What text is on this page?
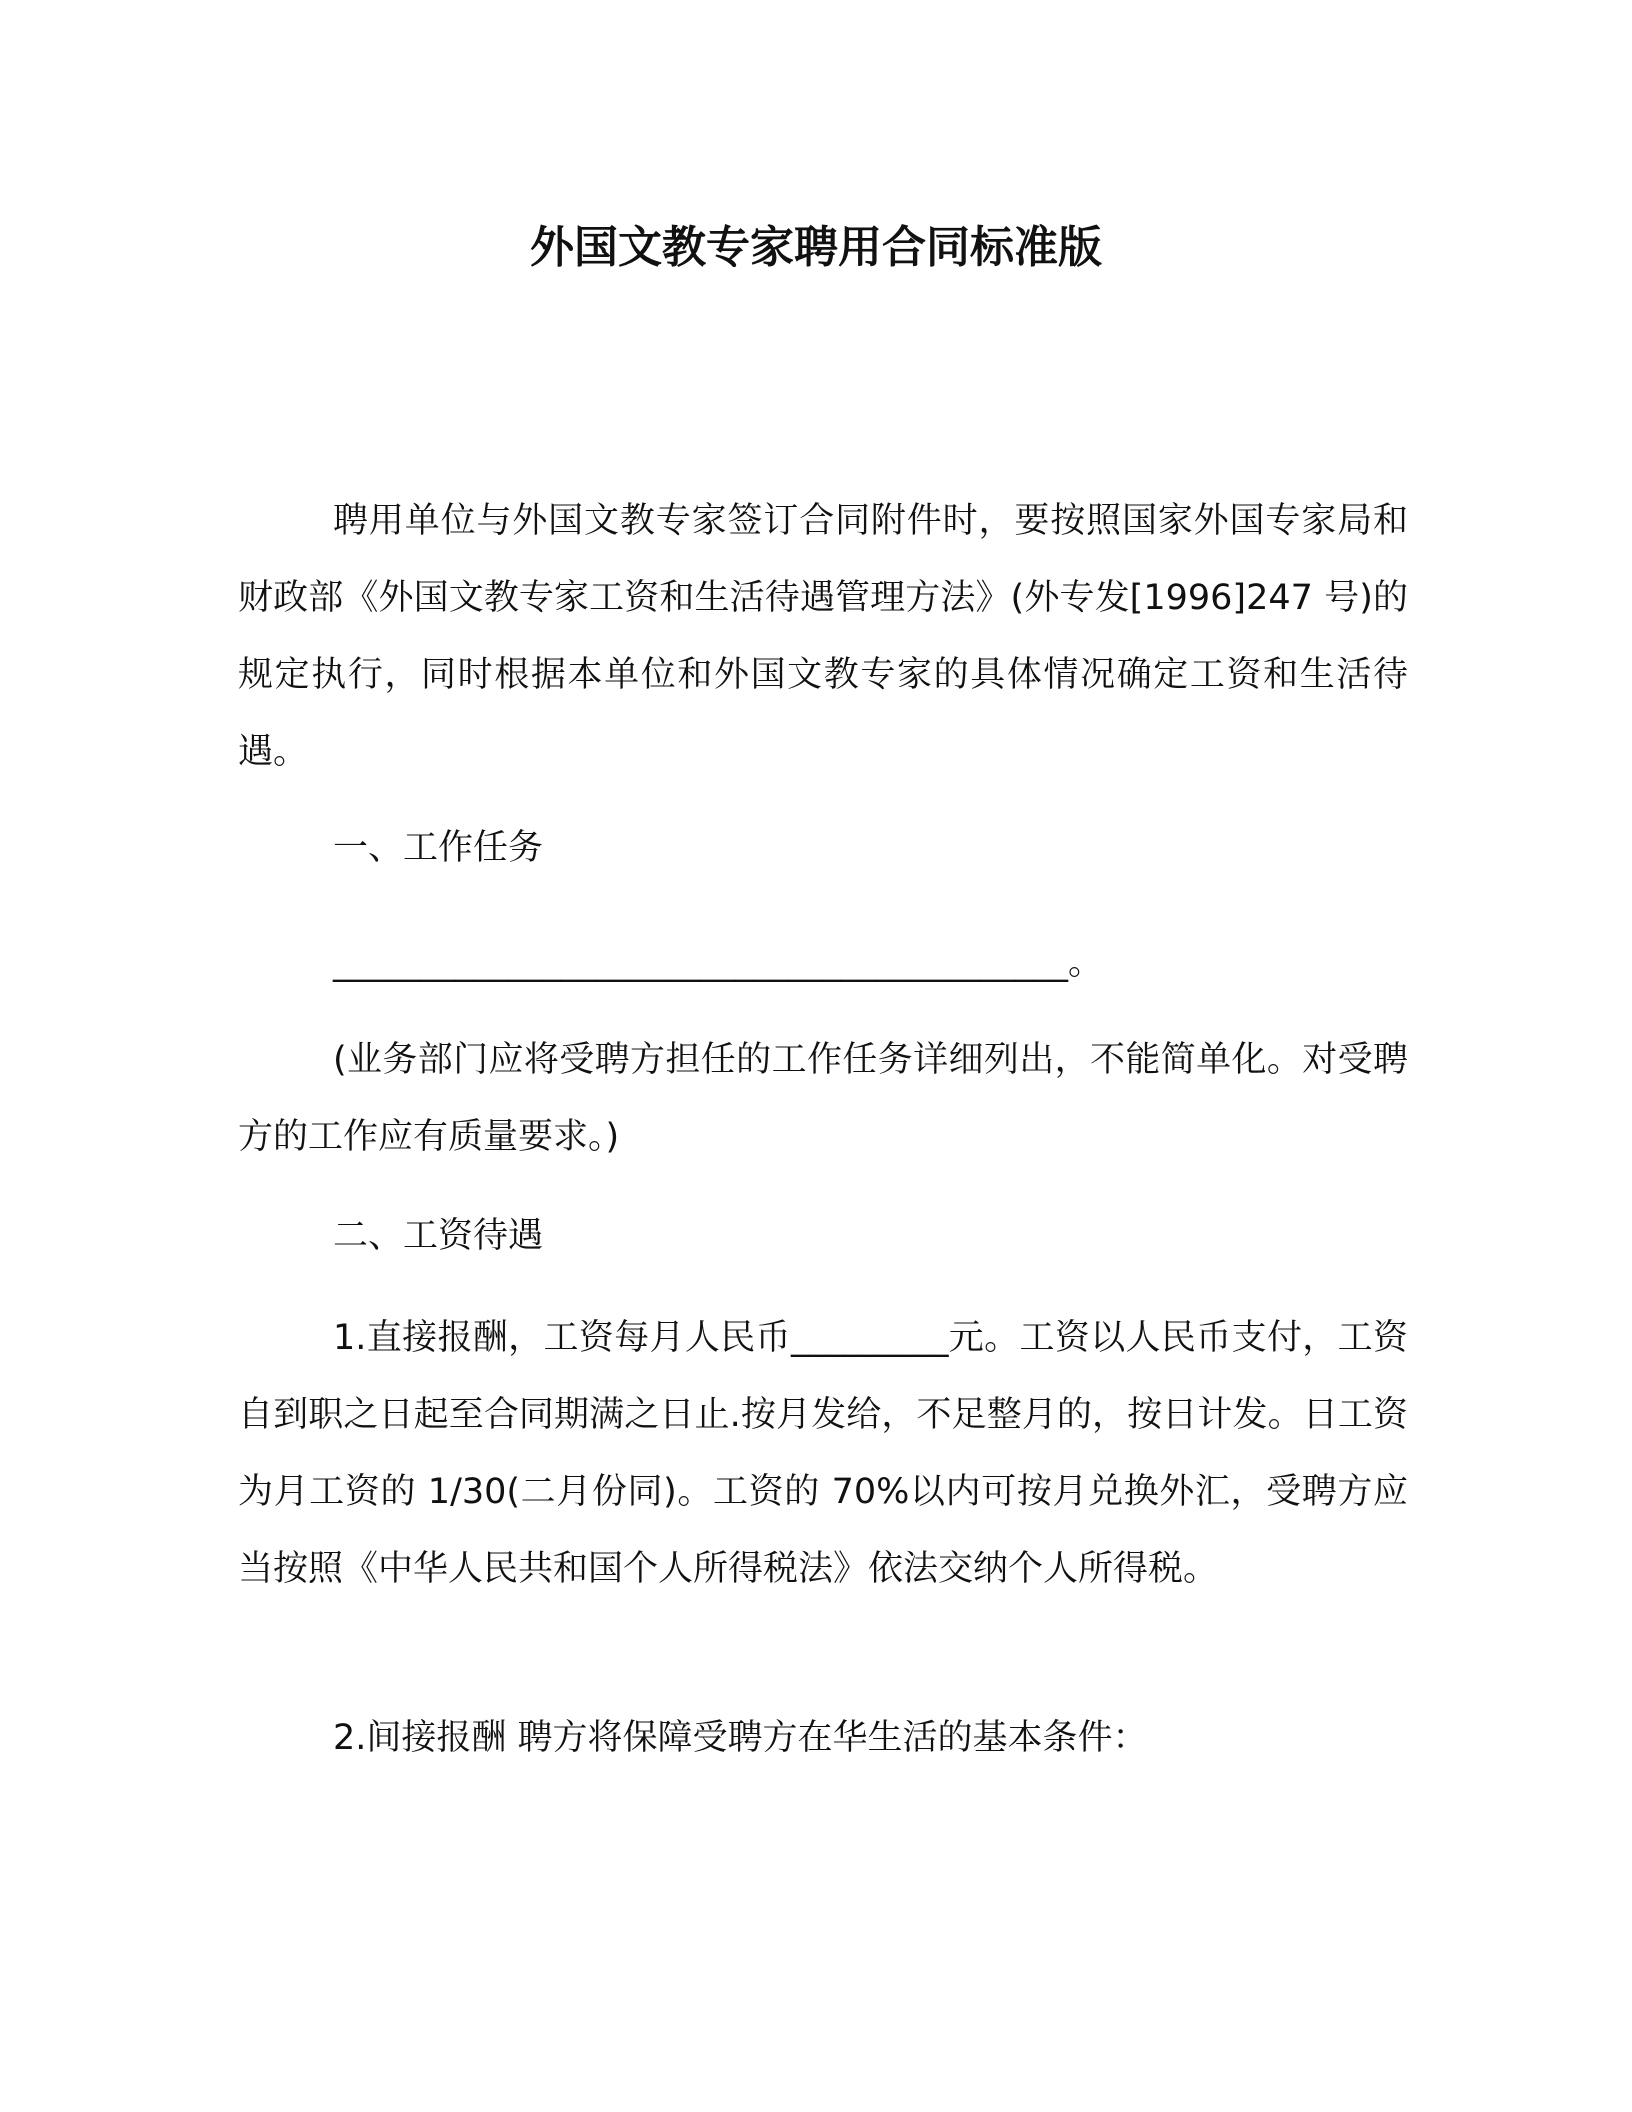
外国文教专家聘用合同标准版

聘用单位与外国文教专家签订合同附件时，要按照国家外国专家局和财政部《外国文教专家工资和生活待遇管理方法》(外专发[1996]247 号)的规定执行，同时根据本单位和外国文教专家的具体情况确定工资和生活待遇。

一、工作任务
__________________________________________。

(业务部门应将受聘方担任的工作任务详细列出，不能简单化。对受聘方的工作应有质量要求。)

二、工资待遇

1.直接报酬，工资每月人民币_________元。工资以人民币支付，工资自到职之日起至合同期满之日止.按月发给，不足整月的，按日计发。日工资为月工资的 1/30(二月份同)。工资的 70%以内可按月兑换外汇，受聘方应当按照《中华人民共和国个人所得税法》依法交纳个人所得税。

2.间接报酬 聘方将保障受聘方在华生活的基本条件：
